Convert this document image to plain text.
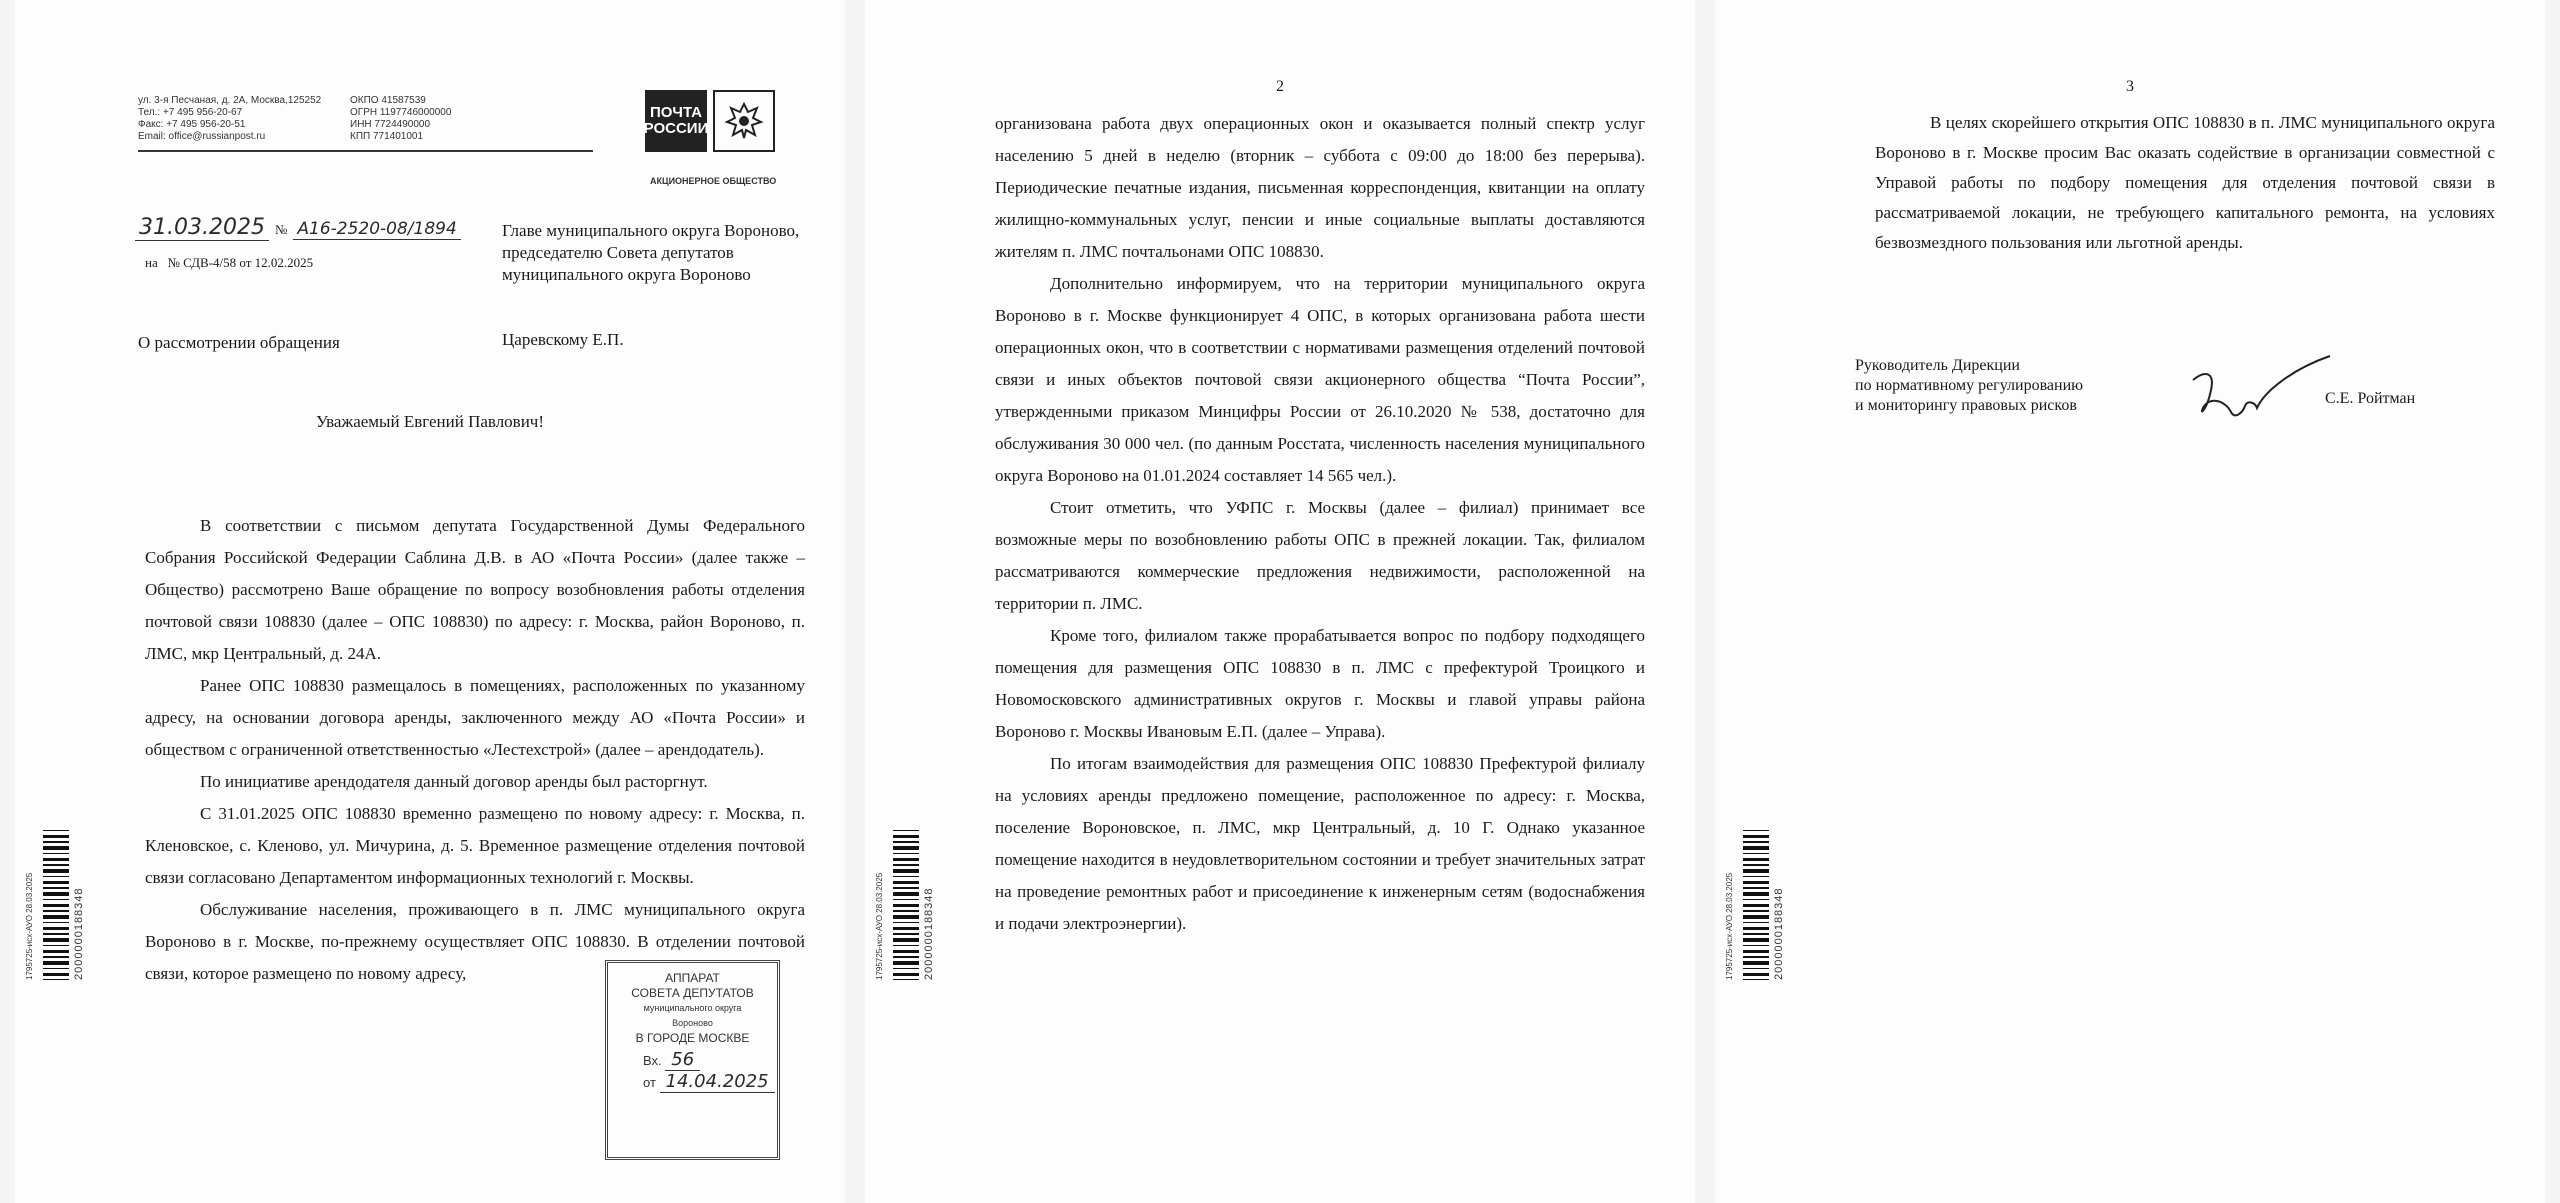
ул. 3-я Песчаная, д. 2А, Москва,125252
Тел.: +7 495 956-20-67
Факс: +7 495 956-20-51
Email: office@russianpost.ru
ОКПО 41587539
ОГРН 1197746000000
ИНН 7724490000
КПП 771401001
ПОЧТА
РОССИИ
АКЦИОНЕРНОЕ ОБЩЕСТВО
31.03.2025 № А16-2520-08/1894
на № СДВ-4/58 от 12.02.2025
Главе муниципального округа Вороново, председателю Совета депутатов муниципального округа Вороново
О рассмотрении обращения	Царевскому Е.П.
Уважаемый Евгений Павлович!

В соответствии с письмом депутата Государственной Думы Федерального Собрания Российской Федерации Саблина Д.В. в АО «Почта России» (далее также – Общество) рассмотрено Ваше обращение по вопросу возобновления работы отделения почтовой связи 108830 (далее – ОПС 108830) по адресу: г. Москва, район Вороново, п. ЛМС, мкр Центральный, д. 24А.

Ранее ОПС 108830 размещалось в помещениях, расположенных по указанному адресу, на основании договора аренды, заключенного между АО «Почта России» и обществом с ограниченной ответственностью «Лестехстрой» (далее – арендодатель).

По инициативе арендодателя данный договор аренды был расторгнут.

С 31.01.2025 ОПС 108830 временно размещено по новому адресу: г. Москва, п. Кленовское, с. Кленово, ул. Мичурина, д. 5. Временное размещение отделения почтовой связи согласовано Департаментом информационных технологий г. Москвы.

Обслуживание населения, проживающего в п. ЛМС муниципального округа Вороново в г. Москве, по-прежнему осуществляет ОПС 108830. В отделении почтовой связи, которое размещено по новому адресу,	АППАРАТ
СОВЕТА ДЕПУТАТОВ
муниципального округа
Вороново
В ГОРОДЕ МОСКВЕ
Вх. 56
от 14.04.2025
1795725-исх-АУО 28.03.2025	2000000188348
2

организована работа двух операционных окон и оказывается полный спектр услуг населению 5 дней в неделю (вторник – суббота с 09:00 до 18:00 без перерыва). Периодические печатные издания, письменная корреспонденция, квитанции на оплату жилищно-коммунальных услуг, пенсии и иные социальные выплаты доставляются жителям п. ЛМС почтальонами ОПС 108830.

Дополнительно информируем, что на территории муниципального округа Вороново в г. Москве функционирует 4 ОПС, в которых организована работа шести операционных окон, что в соответствии с нормативами размещения отделений почтовой связи и иных объектов почтовой связи акционерного общества “Почта России”, утвержденными приказом Минцифры России от 26.10.2020 № 538, достаточно для обслуживания 30 000 чел. (по данным Росстата, численность населения муниципального округа Вороново на 01.01.2024 составляет 14 565 чел.).

Стоит отметить, что УФПС г. Москвы (далее – филиал) принимает все возможные меры по возобновлению работы ОПС в прежней локации. Так, филиалом рассматриваются коммерческие предложения недвижимости, расположенной на территории п. ЛМС.

Кроме того, филиалом также прорабатывается вопрос по подбору подходящего помещения для размещения ОПС 108830 в п. ЛМС с префектурой Троицкого и Новомосковского административных округов г. Москвы и главой управы района Вороново г. Москвы Ивановым Е.П. (далее – Управа).

По итогам взаимодействия для размещения ОПС 108830 Префектурой филиалу на условиях аренды предложено помещение, расположенное по адресу: г. Москва, поселение Вороновское, п. ЛМС, мкр Центральный, д. 10 Г. Однако указанное помещение находится в неудовлетворительном состоянии и требует значительных затрат на проведение ремонтных работ и присоединение к инженерным сетям (водоснабжения и подачи электроэнергии).

1795725-исх-АУО 28.03.2025	2000000188348
3

В целях скорейшего открытия ОПС 108830 в п. ЛМС муниципального округа Вороново в г. Москве просим Вас оказать содействие в организации совместной с Управой работы по подбору помещения для отделения почтовой связи в рассматриваемой локации, не требующего капитального ремонта, на условиях безвозмездного пользования или льготной аренды.

Руководитель Дирекции
по нормативному регулированию
и мониторингу правовых рисков	С.Е. Ройтман
1795725-исх-АУО 28.03.2025	2000000188348
